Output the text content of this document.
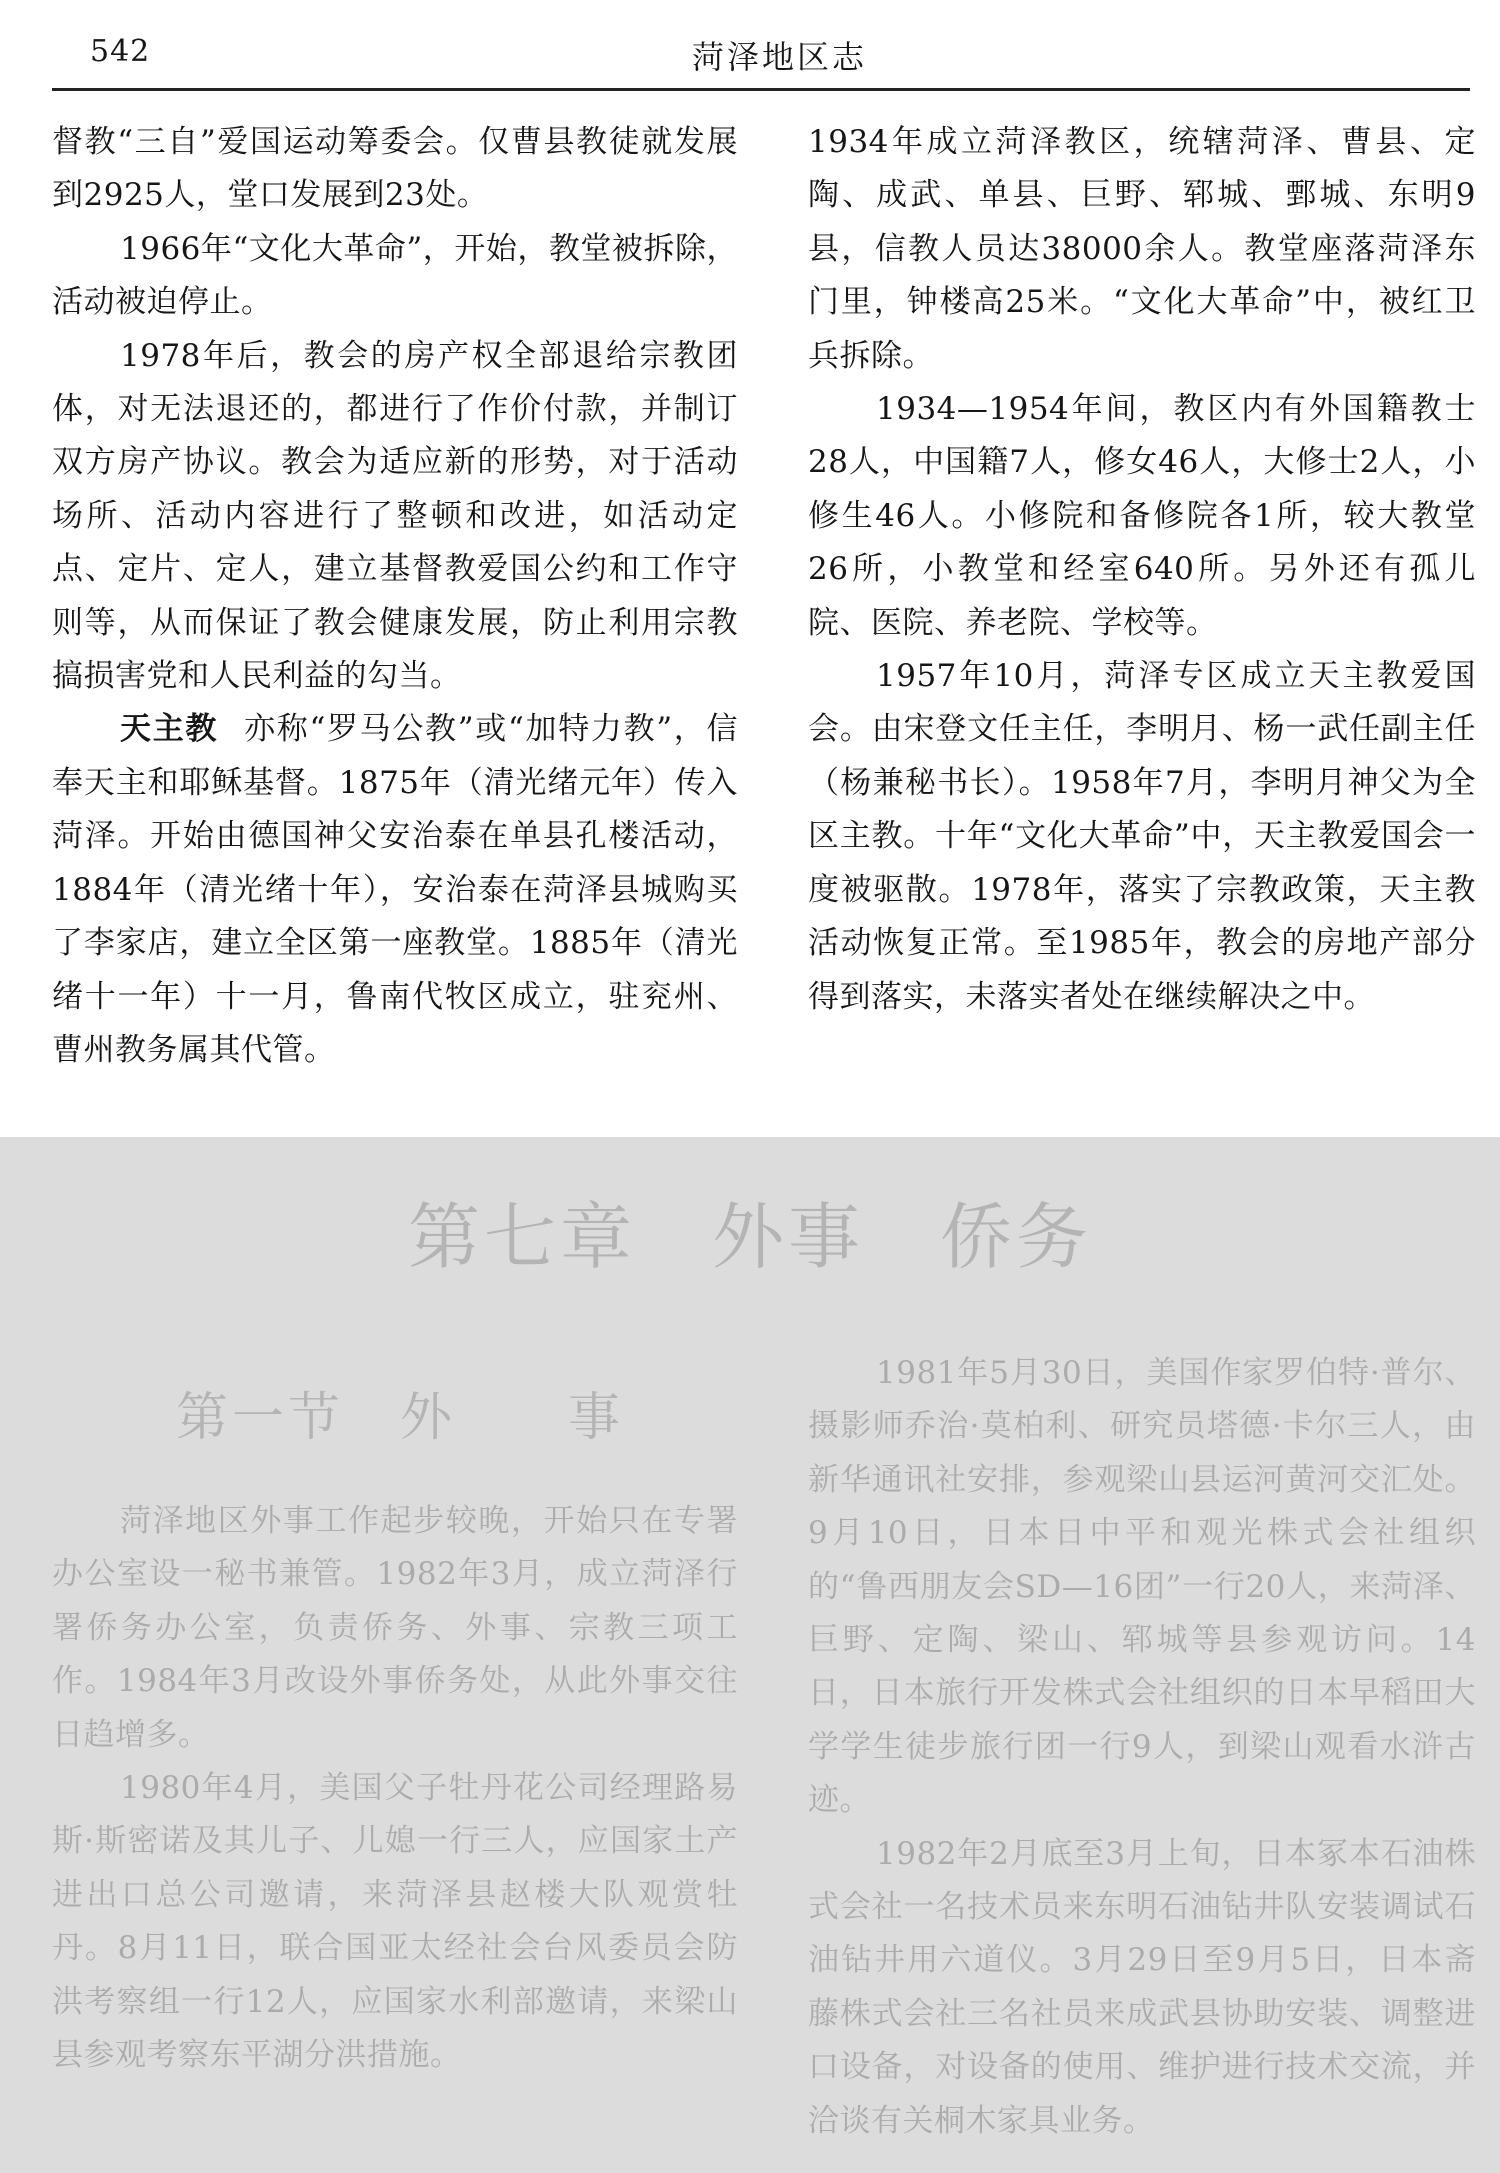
542	菏泽地区志

督教“三自”爱国运动筹委会。仅曹县教徒就发展到2925人，堂口发展到23处。

1966年“文化大革命”，开始，教堂被拆除，活动被迫停止。

1978年后，教会的房产权全部退给宗教团体，对无法退还的，都进行了作价付款，并制订双方房产协议。教会为适应新的形势，对于活动场所、活动内容进行了整顿和改进，如活动定点、定片、定人，建立基督教爱国公约和工作守则等，从而保证了教会健康发展，防止利用宗教搞损害党和人民利益的勾当。

天主教 亦称“罗马公教”或“加特力教”，信奉天主和耶稣基督。1875年（清光绪元年）传入菏泽。开始由德国神父安治泰在单县孔楼活动，1884年（清光绪十年），安治泰在菏泽县城购买了李家店，建立全区第一座教堂。1885年（清光绪十一年）十一月，鲁南代牧区成立，驻兖州、曹州教务属其代管。

1934年成立菏泽教区，统辖菏泽、曹县、定陶、成武、单县、巨野、郓城、鄄城、东明9县，信教人员达38000余人。教堂座落菏泽东门里，钟楼高25米。“文化大革命”中，被红卫兵拆除。

1934—1954年间，教区内有外国籍教士28人，中国籍7人，修女46人，大修士2人，小修生46人。小修院和备修院各1所，较大教堂26所，小教堂和经室640所。另外还有孤儿院、医院、养老院、学校等。

1957年10月，菏泽专区成立天主教爱国会。由宋登文任主任，李明月、杨一武任副主任（杨兼秘书长）。1958年7月，李明月神父为全区主教。十年“文化大革命”中，天主教爱国会一度被驱散。1978年，落实了宗教政策，天主教活动恢复正常。至1985年，教会的房地产部分得到落实，未落实者处在继续解决之中。

第七章　外事　侨务
第一节　外　　事

菏泽地区外事工作起步较晚，开始只在专署办公室设一秘书兼管。1982年3月，成立菏泽行署侨务办公室，负责侨务、外事、宗教三项工作。1984年3月改设外事侨务处，从此外事交往日趋增多。

1980年4月，美国父子牡丹花公司经理路易斯·斯密诺及其儿子、儿媳一行三人，应国家土产进出口总公司邀请，来菏泽县赵楼大队观赏牡丹。8月11日，联合国亚太经社会台风委员会防洪考察组一行12人，应国家水利部邀请，来梁山县参观考察东平湖分洪措施。

1981年5月30日，美国作家罗伯特·普尔、摄影师乔治·莫柏利、研究员塔德·卡尔三人，由新华通讯社安排，参观梁山县运河黄河交汇处。9月10日，日本日中平和观光株式会社组织的“鲁西朋友会SD—16团”一行20人，来菏泽、巨野、定陶、梁山、郓城等县参观访问。14日，日本旅行开发株式会社组织的日本早稻田大学学生徒步旅行团一行9人，到梁山观看水浒古迹。

1982年2月底至3月上旬，日本冢本石油株式会社一名技术员来东明石油钻井队安装调试石油钻井用六道仪。3月29日至9月5日，日本斋藤株式会社三名社员来成武县协助安装、调整进口设备，对设备的使用、维护进行技术交流，并洽谈有关桐木家具业务。
